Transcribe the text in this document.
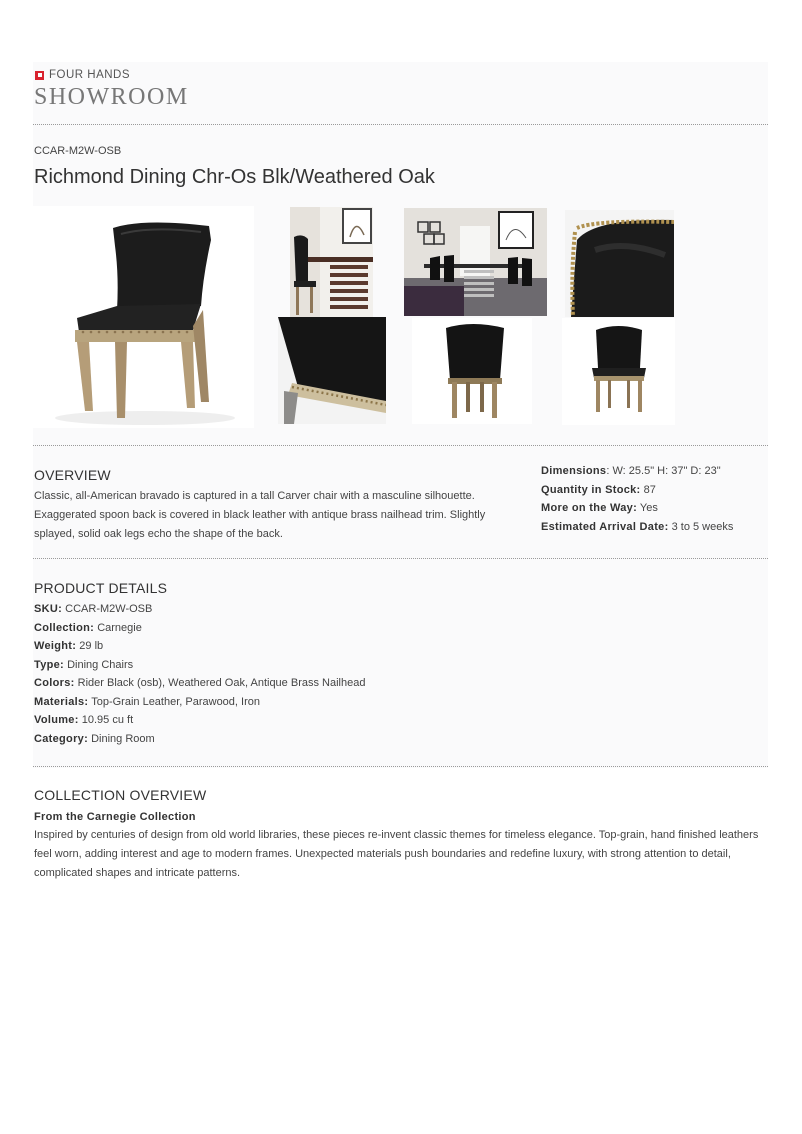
FOUR HANDS
SHOWROOM
CCAR-M2W-OSB
Richmond Dining Chr-Os Blk/Weathered Oak
OVERVIEW
Classic, all-American bravado is captured in a tall Carver chair with a masculine silhouette. Exaggerated spoon back is covered in black leather with antique brass nailhead trim. Slightly splayed, solid oak legs echo the shape of the back.
Dimensions: W: 25.5" H: 37" D: 23"
Quantity in Stock: 87
More on the Way: Yes
Estimated Arrival Date: 3 to 5 weeks
PRODUCT DETAILS
SKU: CCAR-M2W-OSB
Collection: Carnegie
Weight: 29 lb
Type: Dining Chairs
Colors: Rider Black (osb), Weathered Oak, Antique Brass Nailhead
Materials: Top-Grain Leather, Parawood, Iron
Volume: 10.95 cu ft
Category: Dining Room
COLLECTION OVERVIEW
From the Carnegie Collection
Inspired by centuries of design from old world libraries, these pieces re-invent classic themes for timeless elegance. Top-grain, hand finished leathers feel worn, adding interest and age to modern frames. Unexpected materials push boundaries and redefine luxury, with strong attention to detail, complicated shapes and intricate patterns.
